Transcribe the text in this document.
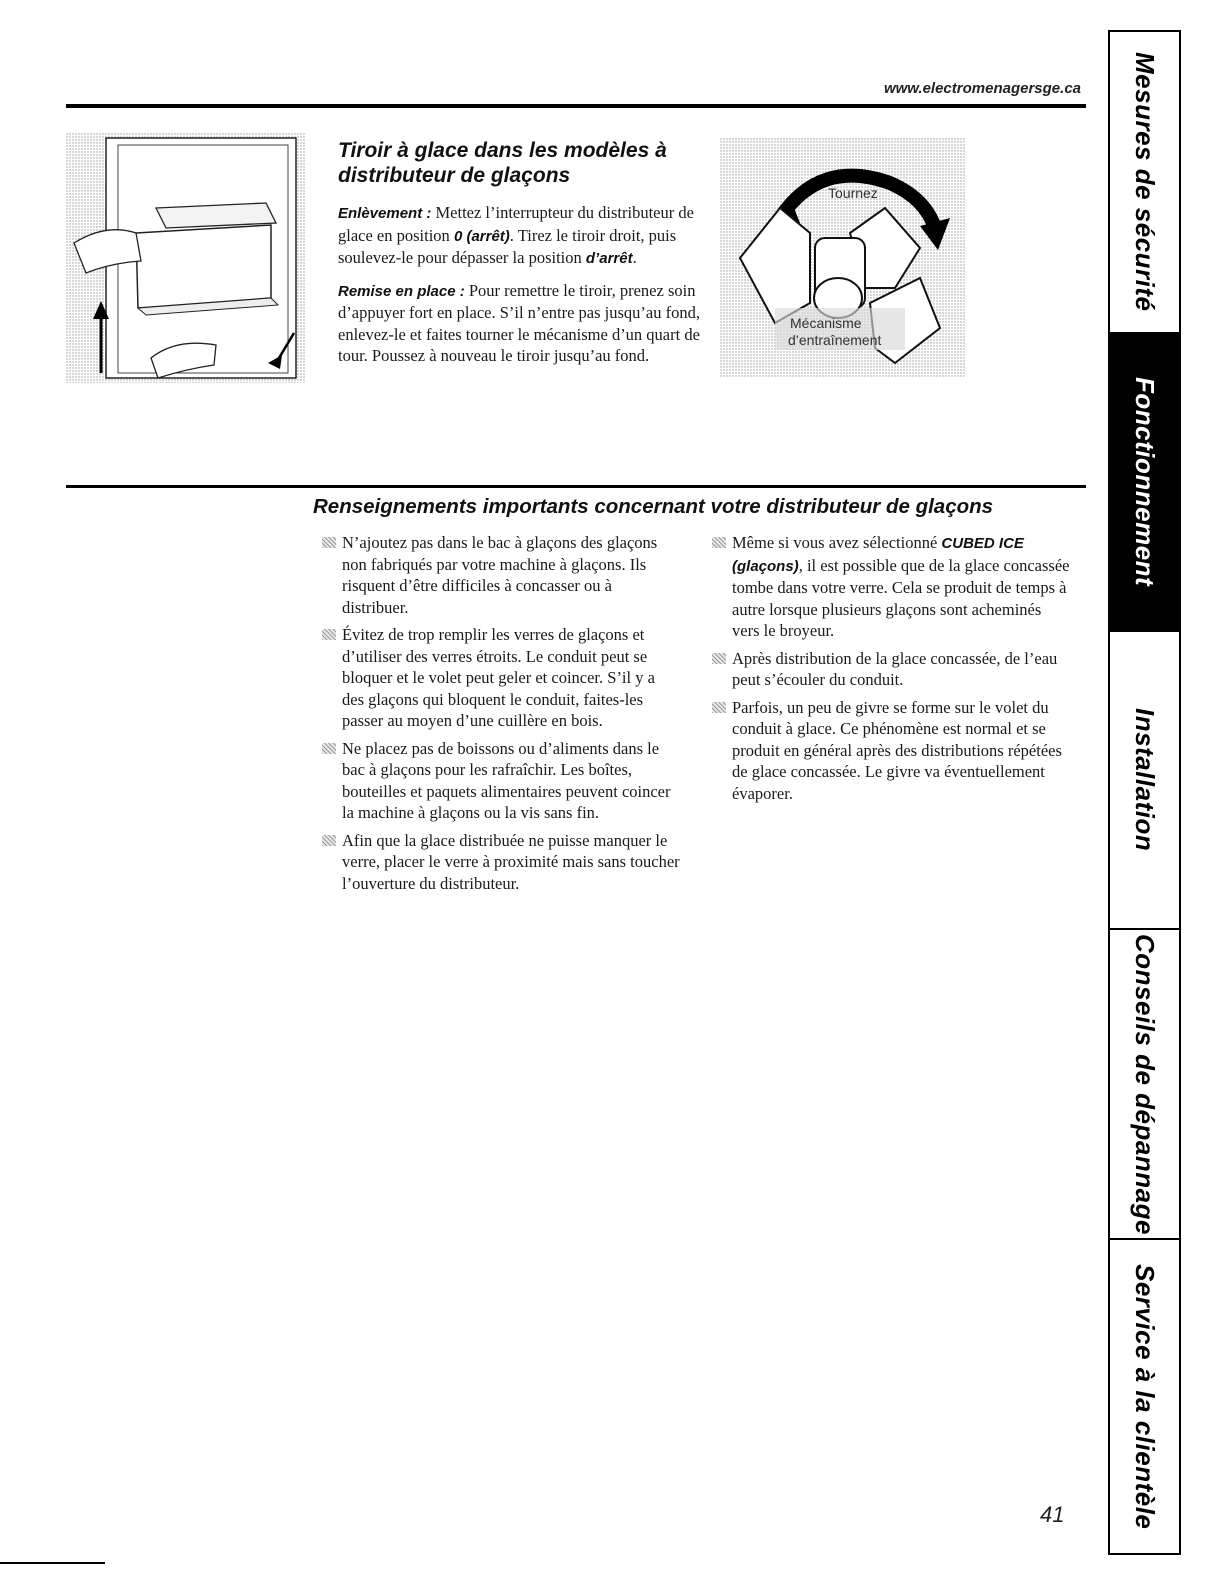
www.electromenagersge.ca
Tiroir à glace dans les modèles à distributeur de glaçons

Enlèvement : Mettez l’interrupteur du distributeur de glace en position 0 (arrêt). Tirez le tiroir droit, puis soulevez-le pour dépasser la position d’arrêt.

Remise en place : Pour remettre le tiroir, prenez soin d’appuyer fort en place. S’il n’entre pas jusqu’au fond, enlevez-le et faites tourner le mécanisme d’un quart de tour. Poussez à nouveau le tiroir jusqu’au fond.

Tournez
Mécanisme
d’entraînement
Renseignements importants concernant votre distributeur de glaçons
N’ajoutez pas dans le bac à glaçons des glaçons non fabriqués par votre machine à glaçons. Ils risquent d’être difficiles à concasser ou à distribuer.
Évitez de trop remplir les verres de glaçons et d’utiliser des verres étroits. Le conduit peut se bloquer et le volet peut geler et coincer. S’il y a des glaçons qui bloquent le conduit, faites-les passer au moyen d’une cuillère en bois.
Ne placez pas de boissons ou d’aliments dans le bac à glaçons pour les rafraîchir. Les boîtes, bouteilles et paquets alimentaires peuvent coincer la machine à glaçons ou la vis sans fin.
Afin que la glace distribuée ne puisse manquer le verre, placer le verre à proximité mais sans toucher l’ouverture du distributeur.
Même si vous avez sélectionné CUBED ICE (glaçons), il est possible que de la glace concassée tombe dans votre verre. Cela se produit de temps à autre lorsque plusieurs glaçons sont acheminés vers le broyeur.
Après distribution de la glace concassée, de l’eau peut s’écouler du conduit.
Parfois, un peu de givre se forme sur le volet du conduit à glace. Ce phénomène est normal et se produit en général après des distributions répétées de glace concassée. Le givre va éventuellement évaporer.
Mesures de sécurité
Fonctionnement
Installation
Conseils de dépannage
Service à la clientèle
41
